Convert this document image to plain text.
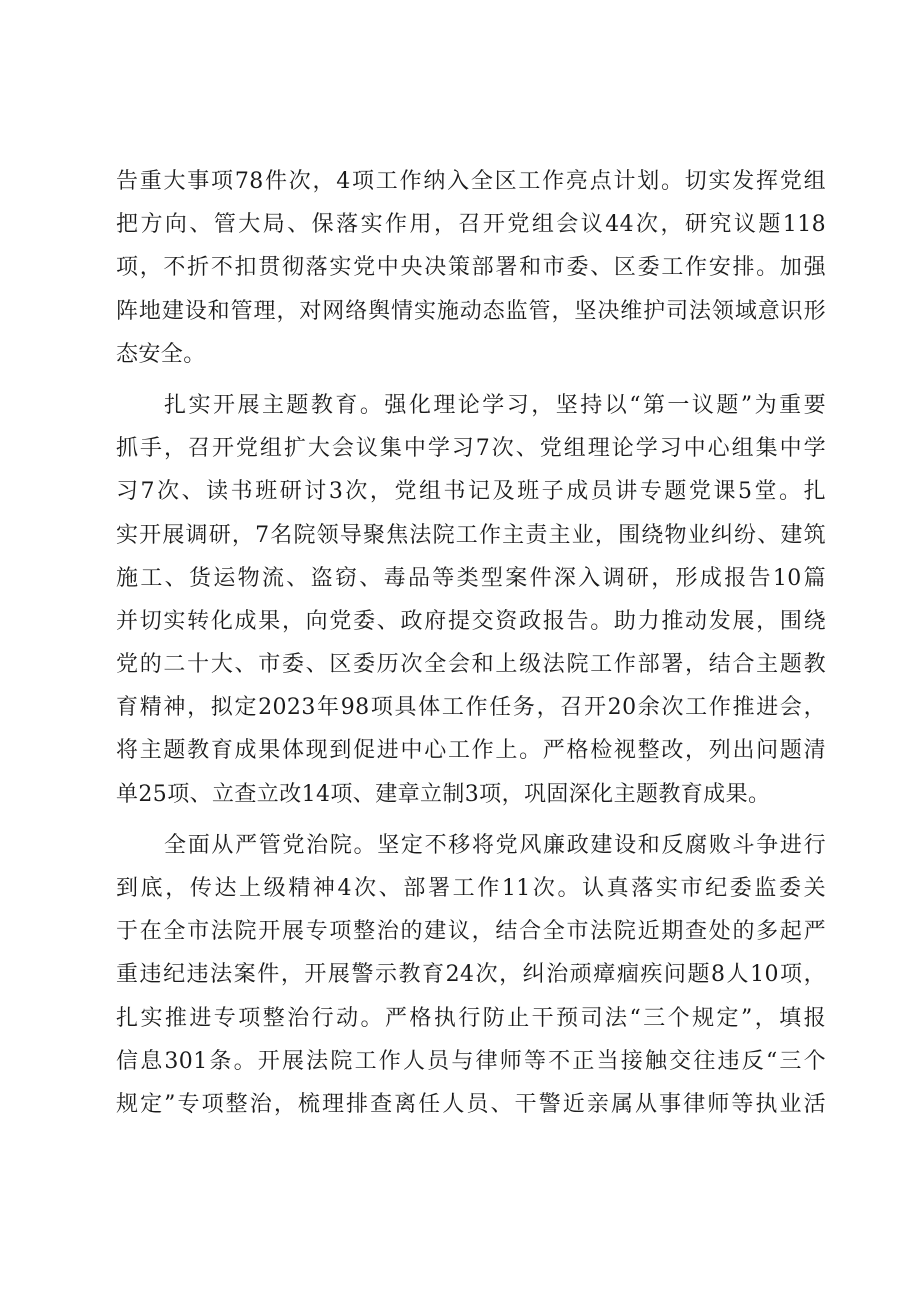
告重大事项78件次，4项工作纳入全区工作亮点计划。切实发挥党组
把方向、管大局、保落实作用，召开党组会议44次，研究议题118
项，不折不扣贯彻落实党中央决策部署和市委、区委工作安排。加强
阵地建设和管理，对网络舆情实施动态监管，坚决维护司法领域意识形
态安全。
扎实开展主题教育。强化理论学习，坚持以“第一议题”为重要
抓手，召开党组扩大会议集中学习7次、党组理论学习中心组集中学
习7次、读书班研讨3次，党组书记及班子成员讲专题党课5堂。扎
实开展调研，7名院领导聚焦法院工作主责主业，围绕物业纠纷、建筑
施工、货运物流、盗窃、毒品等类型案件深入调研，形成报告10篇
并切实转化成果，向党委、政府提交资政报告。助力推动发展，围绕
党的二十大、市委、区委历次全会和上级法院工作部署，结合主题教
育精神，拟定2023年98项具体工作任务，召开20余次工作推进会，
将主题教育成果体现到促进中心工作上。严格检视整改，列出问题清
单25项、立查立改14项、建章立制3项，巩固深化主题教育成果。
全面从严管党治院。坚定不移将党风廉政建设和反腐败斗争进行
到底，传达上级精神4次、部署工作11次。认真落实市纪委监委关
于在全市法院开展专项整治的建议，结合全市法院近期查处的多起严
重违纪违法案件，开展警示教育24次，纠治顽瘴痼疾问题8人10项，
扎实推进专项整治行动。严格执行防止干预司法“三个规定”，填报
信息301条。开展法院工作人员与律师等不正当接触交往违反“三个
规定”专项整治，梳理排查离任人员、干警近亲属从事律师等执业活
